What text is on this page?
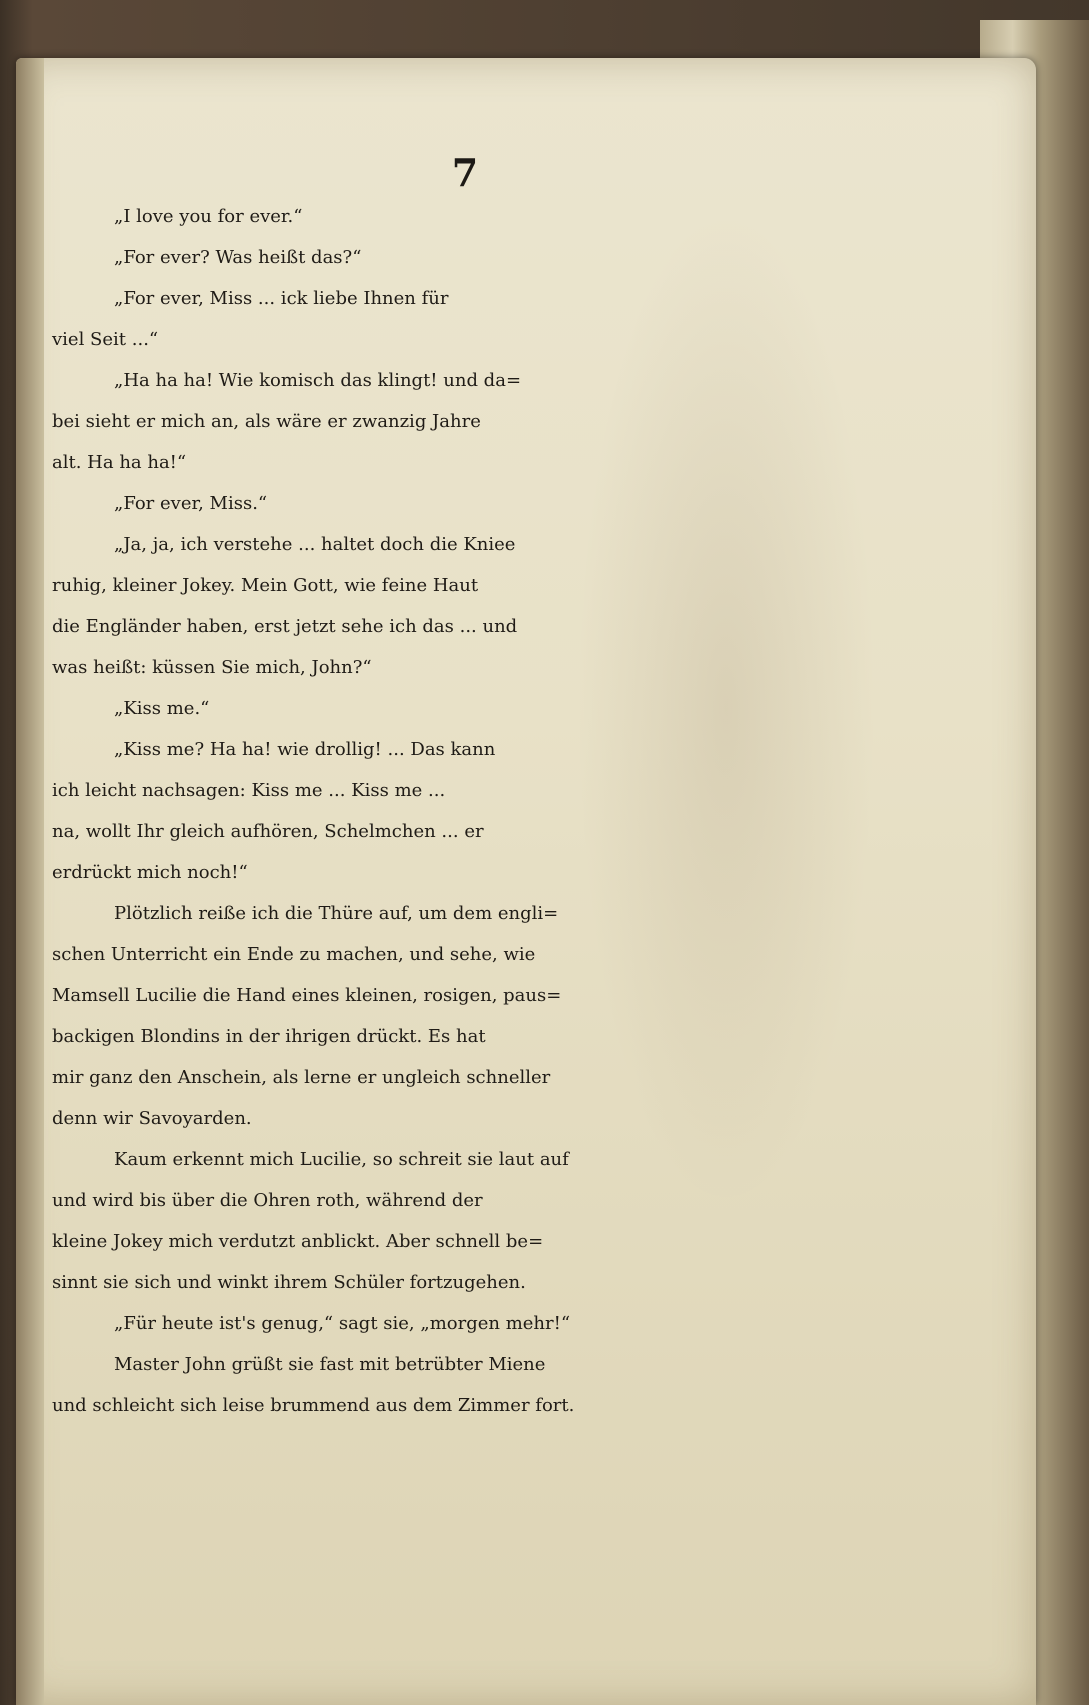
7
„I love you for ever.“
„For ever? Was heißt das?“
„For ever, Miss ... ick liebe Ihnen für
viel Seit ...“
„Ha ha ha! Wie komisch das klingt! und da=
bei sieht er mich an, als wäre er zwanzig Jahre
alt. Ha ha ha!“
„For ever, Miss.“
„Ja, ja, ich verstehe ... haltet doch die Kniee
ruhig, kleiner Jokey. Mein Gott, wie feine Haut
die Engländer haben, erst jetzt sehe ich das ... und
was heißt: küssen Sie mich, John?“
„Kiss me.“
„Kiss me? Ha ha! wie drollig! ... Das kann
ich leicht nachsagen: Kiss me ... Kiss me ...
na, wollt Ihr gleich aufhören, Schelmchen ... er
erdrückt mich noch!“
Plötzlich reiße ich die Thüre auf, um dem engli=
schen Unterricht ein Ende zu machen, und sehe, wie
Mamsell Lucilie die Hand eines kleinen, rosigen, paus=
backigen Blondins in der ihrigen drückt. Es hat
mir ganz den Anschein, als lerne er ungleich schneller
denn wir Savoyarden.
Kaum erkennt mich Lucilie, so schreit sie laut auf
und wird bis über die Ohren roth, während der
kleine Jokey mich verdutzt anblickt. Aber schnell be=
sinnt sie sich und winkt ihrem Schüler fortzugehen.
„Für heute ist's genug,“ sagt sie, „morgen mehr!“
Master John grüßt sie fast mit betrübter Miene
und schleicht sich leise brummend aus dem Zimmer fort.
